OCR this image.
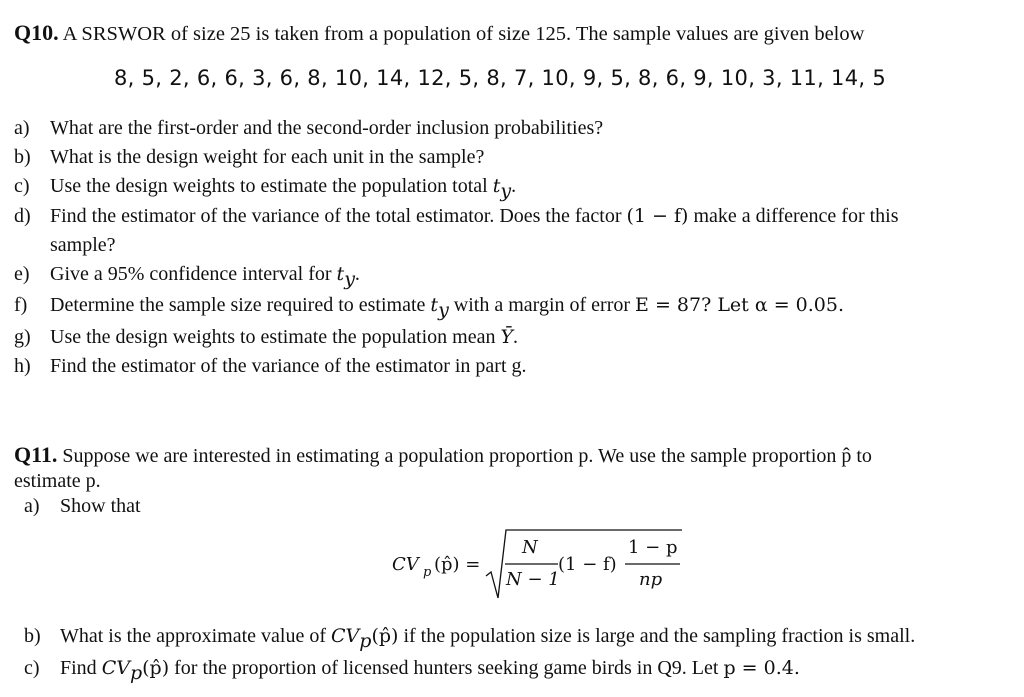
Q10. A SRSWOR of size 25 is taken from a population of size 125. The sample values are given below
8, 5, 2, 6, 6, 3, 6, 8, 10, 14, 12, 5, 8, 7, 10, 9, 5, 8, 6, 9, 10, 3, 11, 14, 5
a) What are the first-order and the second-order inclusion probabilities?
b) What is the design weight for each unit in the sample?
c) Use the design weights to estimate the population total $t_y$.
d) Find the estimator of the variance of the total estimator. Does the factor (1 − f) make a difference for this
sample?
e) Give a 95% confidence interval for $t_y$.
f) Determine the sample size required to estimate $t_y$ with a margin of error E = 87? Let α = 0.05.
g) Use the design weights to estimate the population mean Ȳ.
h) Find the estimator of the variance of the estimator in part g.
Q11. Suppose we are interested in estimating a population proportion p. We use the sample proportion p̂ to
estimate p.
a) Show that
CV p (p̂) =
N
N − 1
(1 − f)
1 − p
np
b) What is the approximate value of $CV_p(p̂)$ if the population size is large and the sampling fraction is small.
c) Find $CV_p(p̂)$ for the proportion of licensed hunters seeking game birds in Q9. Let p = 0.4.
